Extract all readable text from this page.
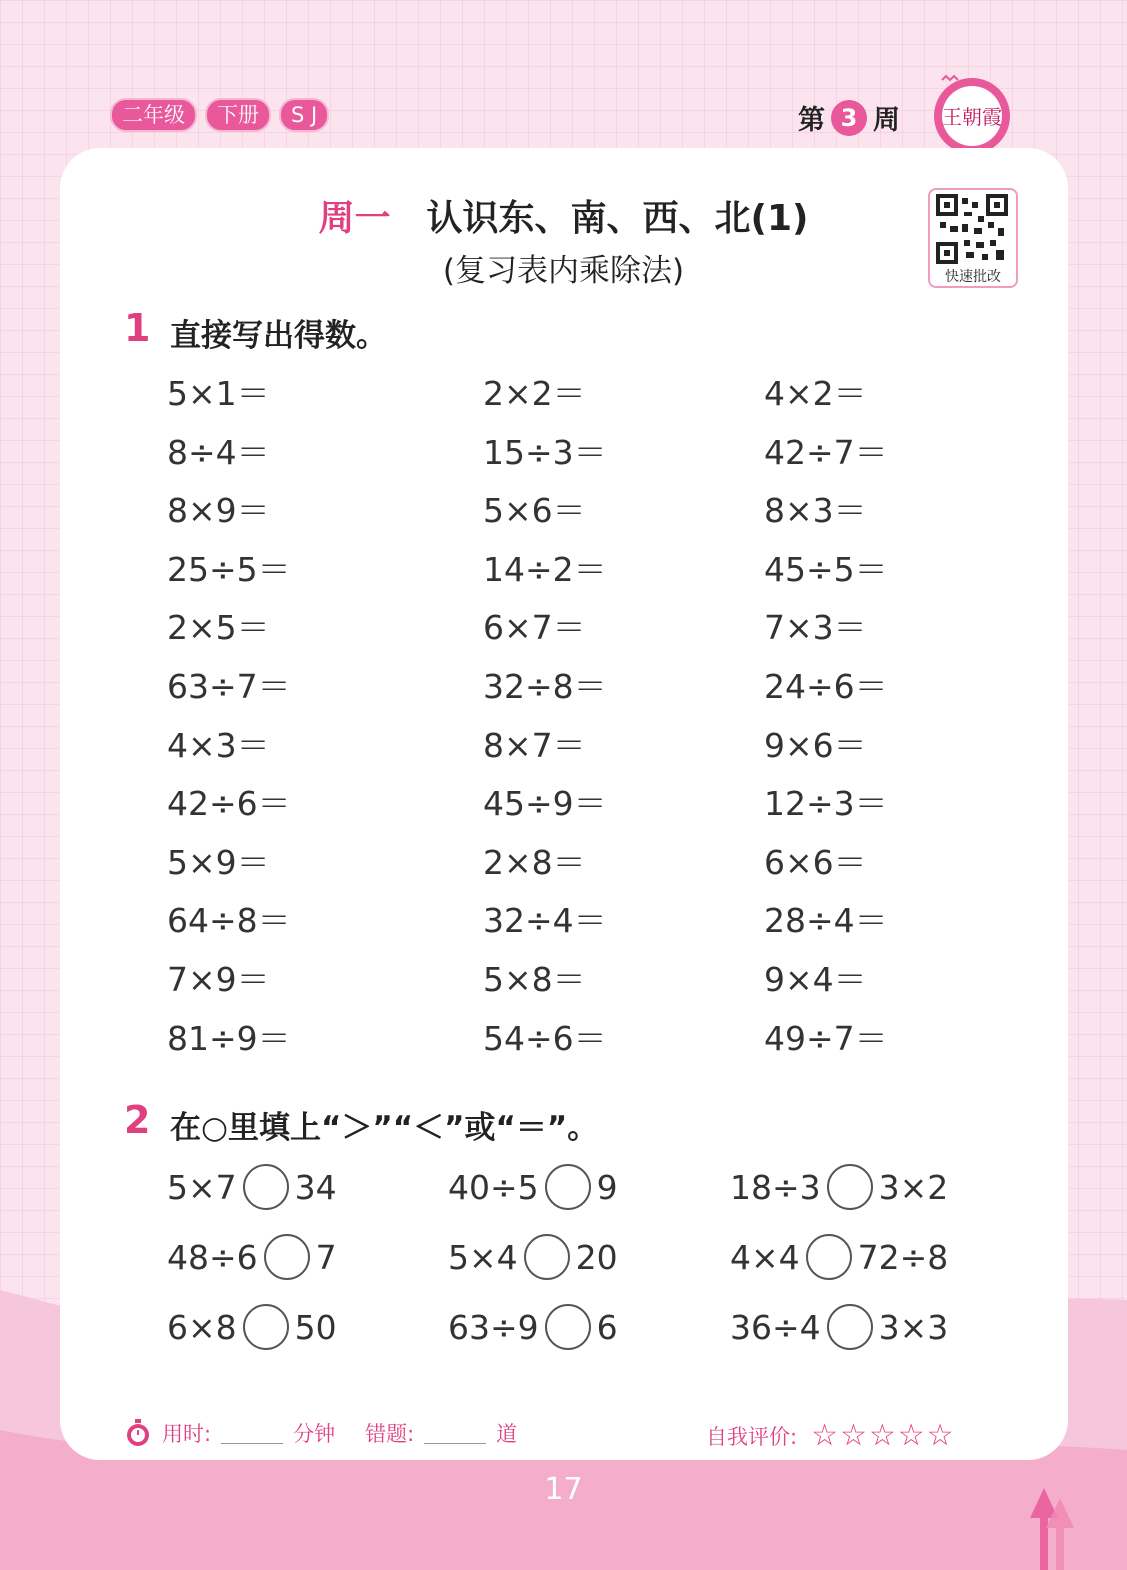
二年级	下册	S J	第 3 周 王朝霞
周一 认识东、南、西、北(1)
(复习表内乘除法)	快速批改
1 直接写出得数。
5×1＝	2×2＝	4×2＝
8÷4＝	15÷3＝	42÷7＝
8×9＝	5×6＝	8×3＝
25÷5＝	14÷2＝	45÷5＝
2×5＝	6×7＝	7×3＝
63÷7＝	32÷8＝	24÷6＝
4×3＝	8×7＝	9×6＝
42÷6＝	45÷9＝	12÷3＝
5×9＝	2×8＝	6×6＝
64÷8＝	32÷4＝	28÷4＝
7×9＝	5×8＝	9×4＝
81÷9＝	54÷6＝	49÷7＝
2 在○里填上“＞”“＜”或“＝”。
5×7 34	40÷5 9	18÷3 3×2
48÷6 7	5×4 20	4×4 72÷8
6×8 50	63÷9 6	36÷4 3×3
用时:	分钟 错题:	道	自我评价: ☆☆☆☆☆
17
